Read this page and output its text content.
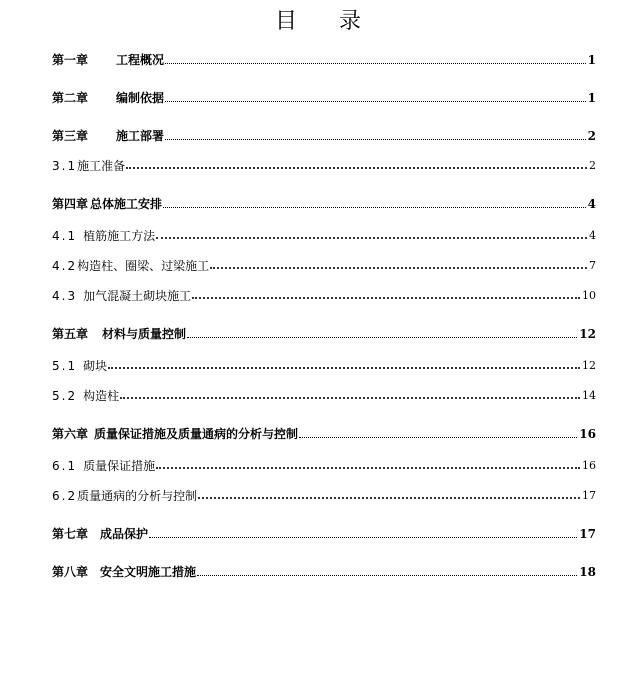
目 录
第一章 工程概况	1
第二章 编制依据	1
第三章 施工部署	2
3.1施工准备	2
第四章 总体施工安排	4
4.1 植筋施工方法	4
4.2构造柱、圈梁、过梁施工	7
4.3 加气混凝土砌块施工	10
第五章 材料与质量控制	12
5.1 砌块	12
5.2 构造柱	14
第六章 质量保证措施及质量通病的分析与控制	16
6.1 质量保证措施	16
6.2质量通病的分析与控制	17
第七章 成品保护	17
第八章 安全文明施工措施	18
